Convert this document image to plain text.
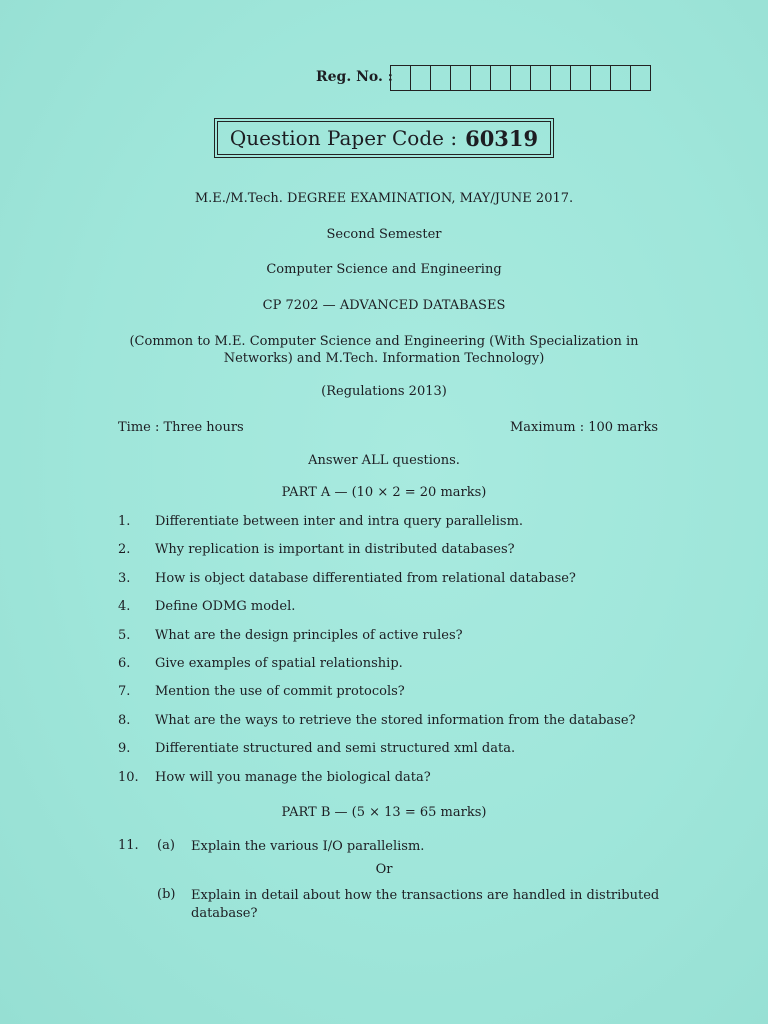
Reg. No. :
Question Paper Code : 60319
M.E./M.Tech. DEGREE EXAMINATION, MAY/JUNE 2017.
Second Semester
Computer Science and Engineering
CP 7202 — ADVANCED DATABASES
(Common to M.E. Computer Science and Engineering (With Specialization in
Networks) and M.Tech. Information Technology)
(Regulations 2013)
Time : Three hours	Maximum : 100 marks
Answer ALL questions.
PART A — (10 × 2 = 20 marks)
1. Differentiate between inter and intra query parallelism.
2. Why replication is important in distributed databases?
3. How is object database differentiated from relational database?
4. Define ODMG model.
5. What are the design principles of active rules?
6. Give examples of spatial relationship.
7. Mention the use of commit protocols?
8. What are the ways to retrieve the stored information from the database?
9. Differentiate structured and semi structured xml data.
10. How will you manage the biological data?
PART B — (5 × 13 = 65 marks)
11. (a) Explain the various I/O parallelism.
Or
(b) Explain in detail about how the transactions are handled in distributed database?
